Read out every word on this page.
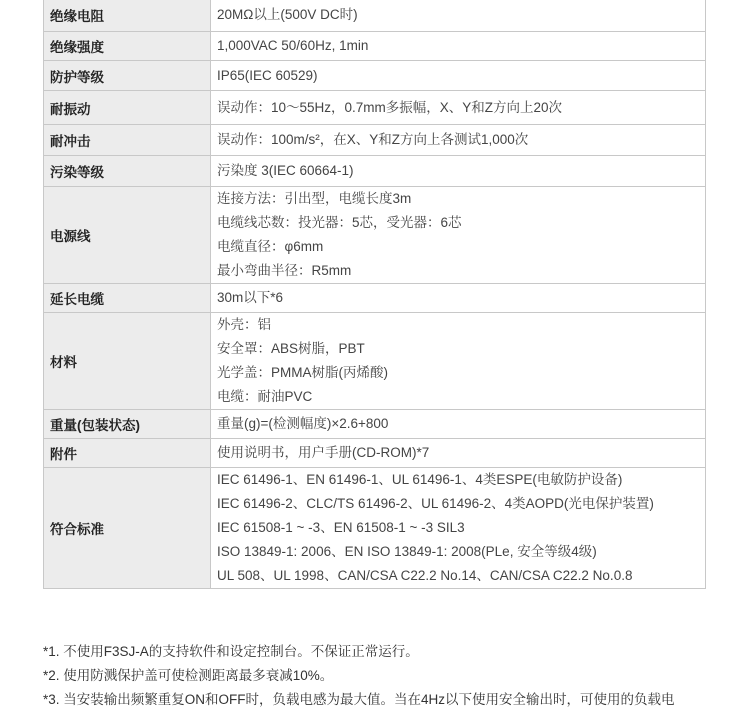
绝缘电阻	20MΩ以上(500V DC时)

绝缘强度	1,000VAC 50/60Hz, 1min

防护等级	IP65(IEC 60529)

耐振动	误动作：10～55Hz，0.7mm多振幅，X、Y和Z方向上20次

耐冲击	误动作：100m/s²，在X、Y和Z方向上各测试1,000次

污染等级	污染度 3(IEC 60664-1)

电源线	连接方法：引出型，电缆长度3m
电缆线芯数：投光器：5芯，受光器：6芯
电缆直径：φ6mm
最小弯曲半径：R5mm

延长电缆	30m以下*6

材料	外壳：铝
安全罩：ABS树脂，PBT
光学盖：PMMA树脂(丙烯酸)
电缆：耐油PVC

重量(包装状态)	重量(g)=(检测幅度)×2.6+800

附件	使用说明书，用户手册(CD-ROM)*7

符合标准	IEC 61496-1、EN 61496-1、UL 61496-1、4类ESPE(电敏防护设备)
IEC 61496-2、CLC/TS 61496-2、UL 61496-2、4类AOPD(光电保护装置)
IEC 61508-1 ~ -3、EN 61508-1 ~ -3 SIL3
ISO 13849-1: 2006、EN ISO 13849-1: 2008(PLe, 安全等级4级)
UL 508、UL 1998、CAN/CSA C22.2 No.14、CAN/CSA C22.2 No.0.8
*1. 不使用F3SJ-A的支持软件和设定控制台。不保证正常运行。
*2. 使用防溅保护盖可使检测距离最多衰减10%。
*3. 当安装输出频繁重复ON和OFF时，负载电感为最大值。当在4Hz以下使用安全输出时，可使用的负载电
